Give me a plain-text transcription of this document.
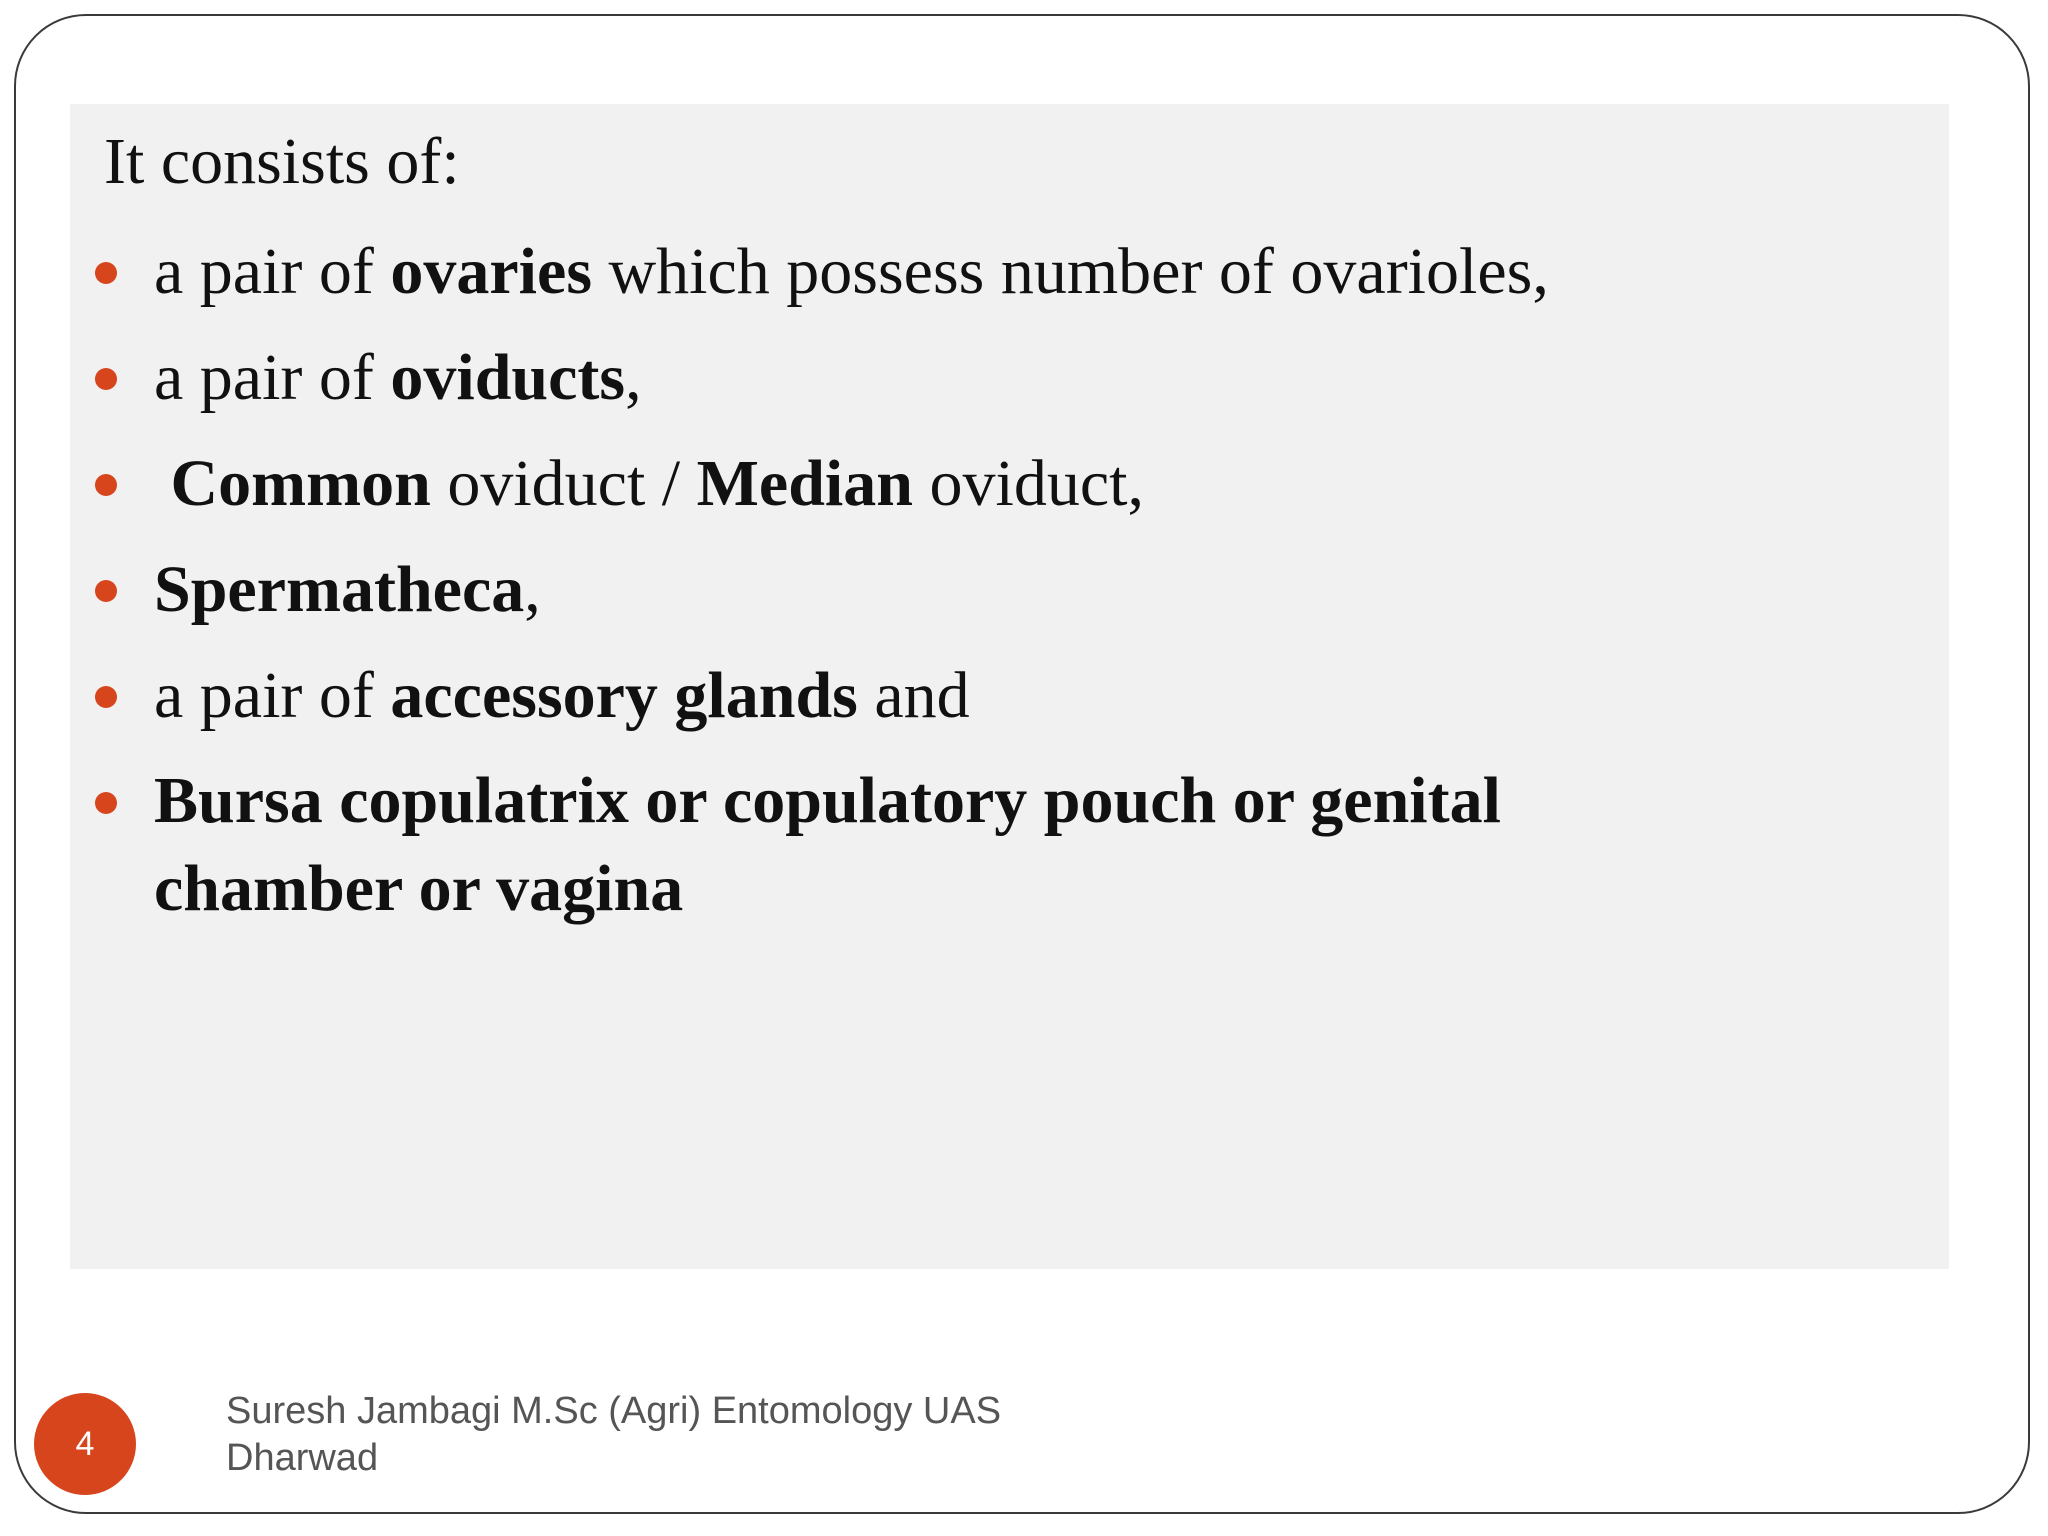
It consists of:

a pair of ovaries which possess number of ovarioles,
a pair of oviducts,
Common oviduct / Median oviduct,
Spermatheca,
a pair of accessory glands and
Bursa copulatrix or copulatory pouch or genital
chamber or vagina
4
Suresh Jambagi M.Sc (Agri) Entomology UAS
Dharwad
